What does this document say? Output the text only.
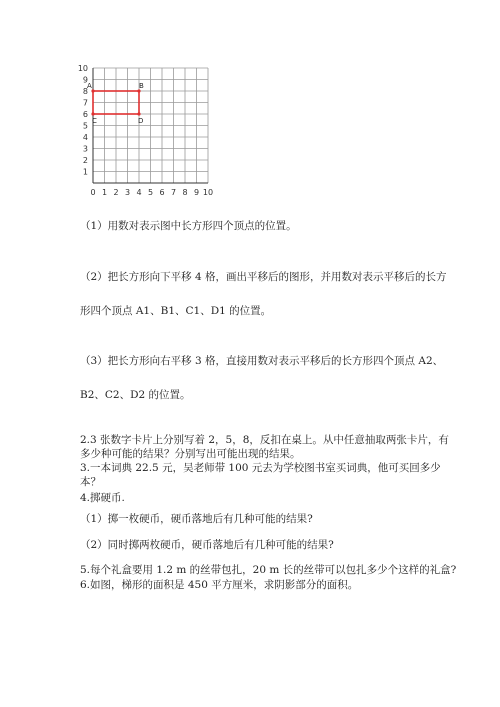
0 1 2 3 4 5 6 7 8 9 10
10
9
8
7
6
5
4
3
2
1
A	B
C	D
（1）用数对表示图中长方形四个顶点的位置。
（2）把长方形向下平移 4 格，画出平移后的图形，并用数对表示平移后的长方
形四个顶点 A1、B1、C1、D1 的位置。
（3）把长方形向右平移 3 格，直接用数对表示平移后的长方形四个顶点 A2、
B2、C2、D2 的位置。
2.3 张数字卡片上分别写着 2，5，8，反扣在桌上。从中任意抽取两张卡片，有
多少种可能的结果？分别写出可能出现的结果。
3.一本词典 22.5 元，吴老师带 100 元去为学校图书室买词典，他可买回多少
本？
4.掷硬币.
（1）掷一枚硬币，硬币落地后有几种可能的结果?
（2）同时掷两枚硬币，硬币落地后有几种可能的结果?
5.每个礼盒要用 1.2 m 的丝带包扎，20 m 长的丝带可以包扎多少个这样的礼盒?
6.如图，梯形的面积是 450 平方厘米，求阴影部分的面积。
